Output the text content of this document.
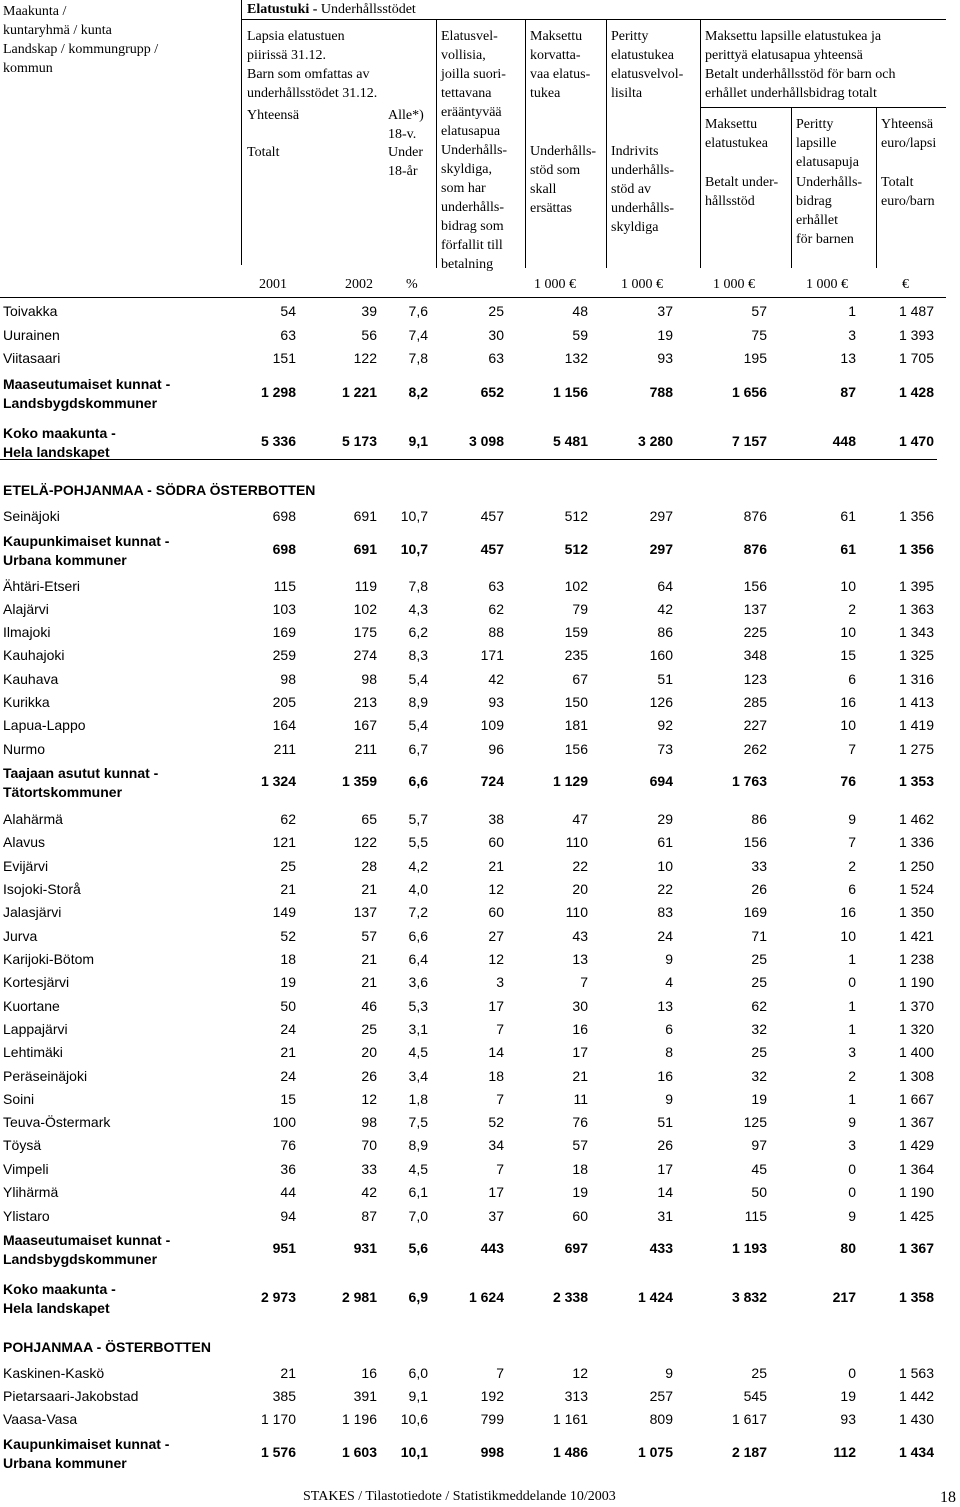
Maakunta /
kuntaryhmä / kunta
Landskap / kommungrupp /
kommun
Elatustuki - Underhållsstödet
Lapsia elatustuen
piirissä 31.12.
Barn som omfattas av
underhållsstödet 31.12.
Yhteensä
Totalt
Alle*)
18-v.
Under
18-år
Elatusvel-
vollisia,
joilla suori-
tettavana
erääntyvää
elatusapua
Underhålls-
skyldiga,
som har
underhålls-
bidrag som
förfallit till
betalning
Maksettu
korvatta-
vaa elatus-
tukea
Underhålls-
stöd som
skall
ersättas
Peritty
elatustukea
elatusvelvol-
lisilta
Indrivits
underhålls-
stöd av
underhålls-
skyldiga
Maksettu lapsille elatustukea ja
perittyä elatusapua yhteensä
Betalt underhållsstöd för barn och
erhållet underhållsbidrag totalt
Maksettu
elatustukea
Betalt under-
hållsstöd
Peritty
lapsille
elatusapuja
Underhålls-
bidrag
erhållet
för barnen
Yhteensä
euro/lapsi
Totalt
euro/barn
2001	2002 %	1 000 €	1 000 €	1 000 €	1 000 €	€
Toivakka	54	39 7,6	25	48	37	57	1	1 487
Uurainen	63	56 7,4	30	59	19	75	3	1 393
Viitasaari	151	122 7,8	63	132	93	195	13	1 705
Maaseutumaiset kunnat -
Landsbygdskommuner
1 298	1 221 8,2	652	1 156	788	1 656	87	1 428
Koko maakunta -
Hela landskapet
5 336	5 173 9,1	3 098	5 481	3 280	7 157	448	1 470
ETELÄ-POHJANMAA - SÖDRA ÖSTERBOTTEN
Seinäjoki	698	691 10,7	457	512	297	876	61	1 356
Kaupunkimaiset kunnat -
Urbana kommuner
698	691 10,7	457	512	297	876	61	1 356
Ähtäri-Etseri	115	119 7,8	63	102	64	156	10	1 395
Alajärvi	103	102 4,3	62	79	42	137	2	1 363
Ilmajoki	169	175 6,2	88	159	86	225	10	1 343
Kauhajoki	259	274 8,3	171	235	160	348	15	1 325
Kauhava	98	98 5,4	42	67	51	123	6	1 316
Kurikka	205	213 8,9	93	150	126	285	16	1 413
Lapua-Lappo	164	167 5,4	109	181	92	227	10	1 419
Nurmo	211	211 6,7	96	156	73	262	7	1 275
Taajaan asutut kunnat -
Tätortskommuner
1 324	1 359 6,6	724	1 129	694	1 763	76	1 353
Alahärmä	62	65 5,7	38	47	29	86	9	1 462
Alavus	121	122 5,5	60	110	61	156	7	1 336
Evijärvi	25	28 4,2	21	22	10	33	2	1 250
Isojoki-Storå	21	21 4,0	12	20	22	26	6	1 524
Jalasjärvi	149	137 7,2	60	110	83	169	16	1 350
Jurva	52	57 6,6	27	43	24	71	10	1 421
Karijoki-Bötom	18	21 6,4	12	13	9	25	1	1 238
Kortesjärvi	19	21 3,6	3	7	4	25	0	1 190
Kuortane	50	46 5,3	17	30	13	62	1	1 370
Lappajärvi	24	25 3,1	7	16	6	32	1	1 320
Lehtimäki	21	20 4,5	14	17	8	25	3	1 400
Peräseinäjoki	24	26 3,4	18	21	16	32	2	1 308
Soini	15	12 1,8	7	11	9	19	1	1 667
Teuva-Östermark	100	98 7,5	52	76	51	125	9	1 367
Töysä	76	70 8,9	34	57	26	97	3	1 429
Vimpeli	36	33 4,5	7	18	17	45	0	1 364
Ylihärmä	44	42 6,1	17	19	14	50	0	1 190
Ylistaro	94	87 7,0	37	60	31	115	9	1 425
Maaseutumaiset kunnat -
Landsbygdskommuner
951	931 5,6	443	697	433	1 193	80	1 367
Koko maakunta -
Hela landskapet
2 973	2 981 6,9	1 624	2 338	1 424	3 832	217	1 358
POHJANMAA - ÖSTERBOTTEN
Kaskinen-Kaskö	21	16 6,0	7	12	9	25	0	1 563
Pietarsaari-Jakobstad	385	391 9,1	192	313	257	545	19	1 442
Vaasa-Vasa	1 170	1 196 10,6	799	1 161	809	1 617	93	1 430
Kaupunkimaiset kunnat -
Urbana kommuner
1 576	1 603 10,1	998	1 486	1 075	2 187	112	1 434
STAKES / Tilastotiedote / Statistikmeddelande 10/2003	18
